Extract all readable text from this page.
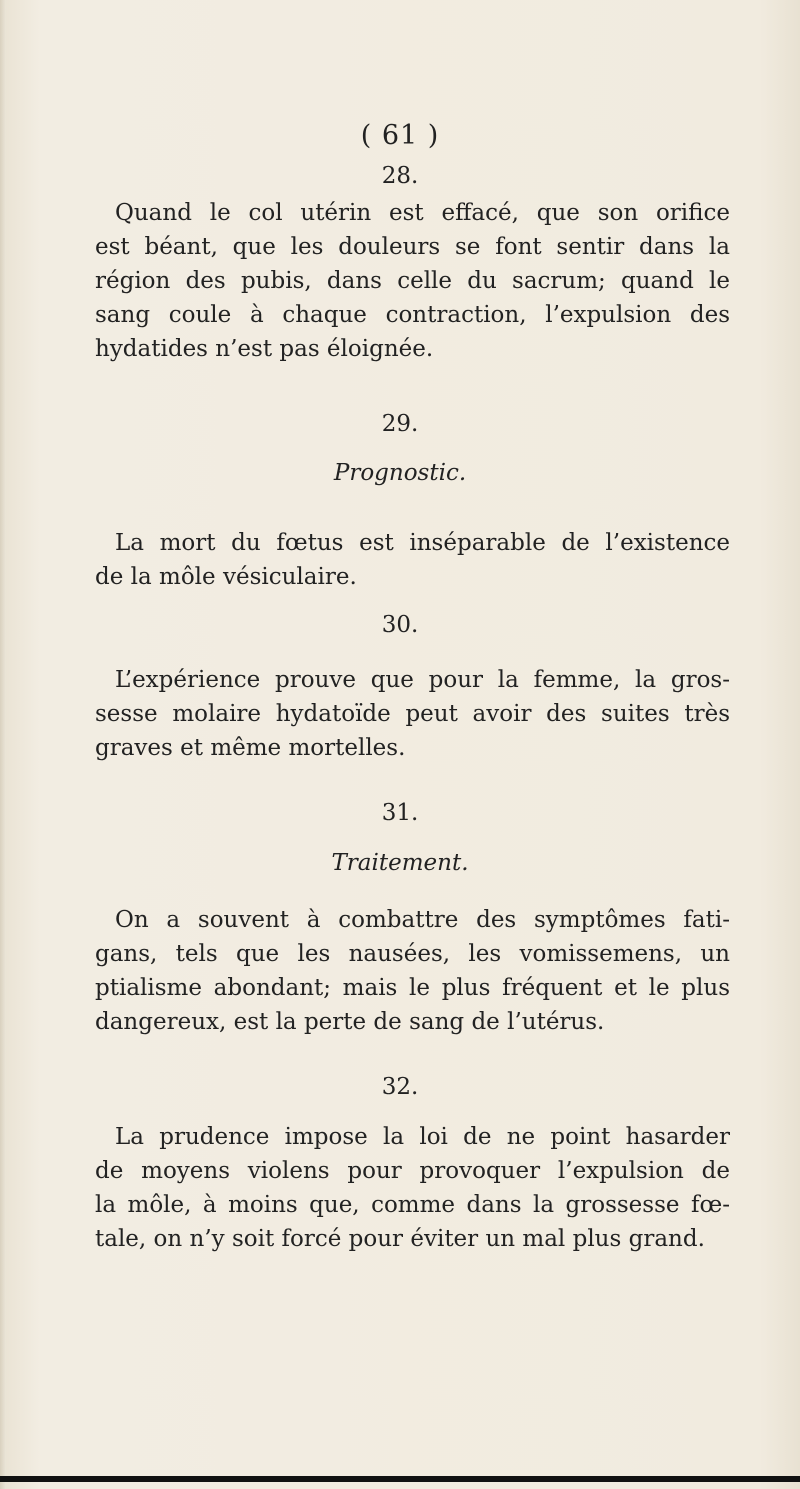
( 61 )
28.
Quand le col utérin est effacé, que son orifice
est béant, que les douleurs se font sentir dans la
région des pubis, dans celle du sacrum; quand le
sang coule à chaque contraction, l’expulsion des
hydatides n’est pas éloignée.
29.
Prognostic.
La mort du fœtus est inséparable de l’existence
de la môle vésiculaire.
30.
L’expérience prouve que pour la femme, la gros-
sesse molaire hydatoïde peut avoir des suites très
graves et même mortelles.
31.
Traitement.
On a souvent à combattre des symptômes fati-
gans, tels que les nausées, les vomissemens, un
ptialisme abondant; mais le plus fréquent et le plus
dangereux, est la perte de sang de l’utérus.
32.
La prudence impose la loi de ne point hasarder
de moyens violens pour provoquer l’expulsion de
la môle, à moins que, comme dans la grossesse fœ-
tale, on n’y soit forcé pour éviter un mal plus grand.
